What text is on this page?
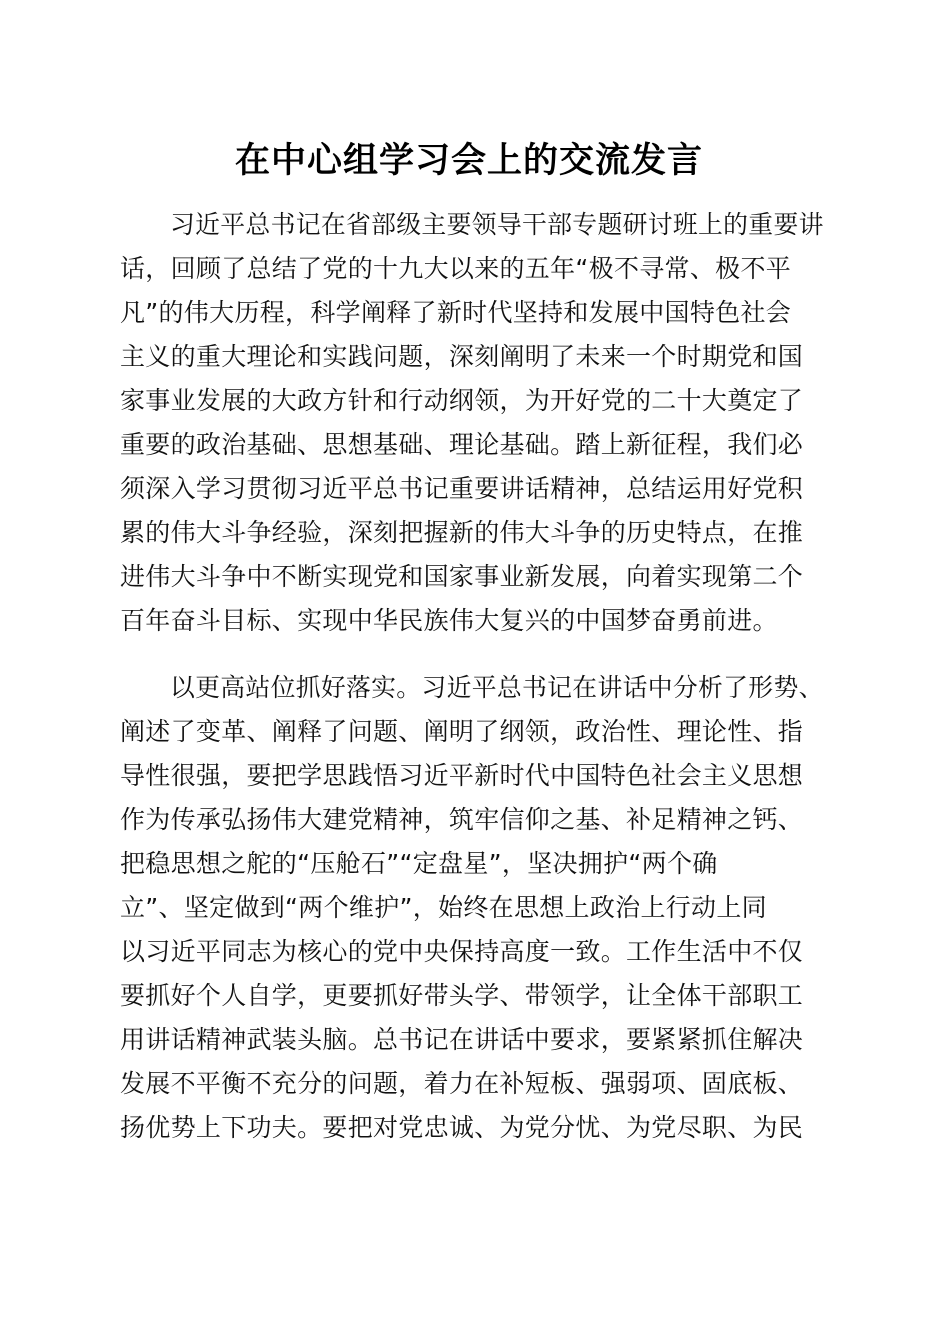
在中心组学习会上的交流发言
习近平总书记在省部级主要领导干部专题研讨班上的重要讲
话，回顾了总结了党的十九大以来的五年“极不寻常、极不平
凡”的伟大历程，科学阐释了新时代坚持和发展中国特色社会
主义的重大理论和实践问题，深刻阐明了未来一个时期党和国
家事业发展的大政方针和行动纲领，为开好党的二十大奠定了
重要的政治基础、思想基础、理论基础。踏上新征程，我们必
须深入学习贯彻习近平总书记重要讲话精神，总结运用好党积
累的伟大斗争经验，深刻把握新的伟大斗争的历史特点，在推
进伟大斗争中不断实现党和国家事业新发展，向着实现第二个
百年奋斗目标、实现中华民族伟大复兴的中国梦奋勇前进。
以更高站位抓好落实。习近平总书记在讲话中分析了形势、
阐述了变革、阐释了问题、阐明了纲领，政治性、理论性、指
导性很强，要把学思践悟习近平新时代中国特色社会主义思想
作为传承弘扬伟大建党精神，筑牢信仰之基、补足精神之钙、
把稳思想之舵的“压舱石”“定盘星”，坚决拥护“两个确
立”、坚定做到“两个维护”，始终在思想上政治上行动上同
以习近平同志为核心的党中央保持高度一致。工作生活中不仅
要抓好个人自学，更要抓好带头学、带领学，让全体干部职工
用讲话精神武装头脑。总书记在讲话中要求，要紧紧抓住解决
发展不平衡不充分的问题，着力在补短板、强弱项、固底板、
扬优势上下功夫。要把对党忠诚、为党分忧、为党尽职、为民
